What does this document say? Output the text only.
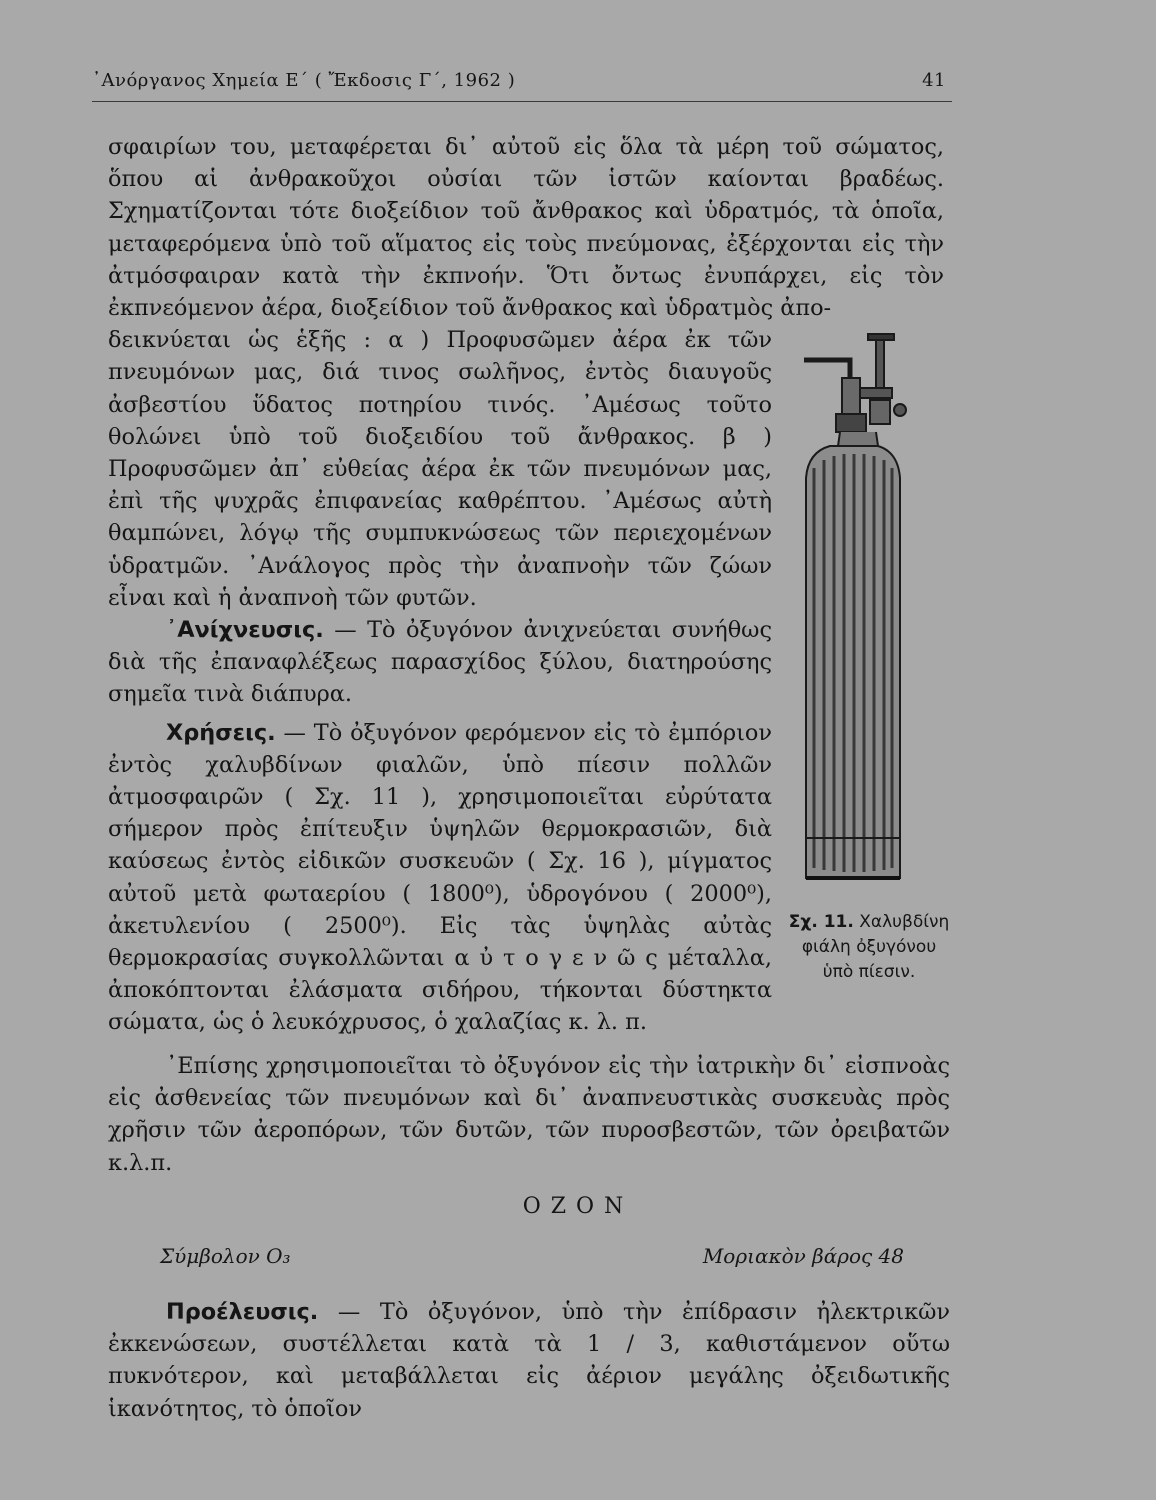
᾿Ανόργανος Χημεία Ε΄ ( Ἔκδοσις Γ΄, 1962 )	41

σφαιρίων του, μεταφέρεται δι᾿ αὐτοῦ εἰς ὅλα τὰ μέρη τοῦ σώματος, ὅπου αἱ ἀνθρακοῦχοι οὐσίαι τῶν ἱστῶν καίονται βραδέως. Σχηματίζονται τότε διοξείδιον τοῦ ἄνθρακος καὶ ὑδρατμός, τὰ ὁποῖα, μεταφερόμενα ὑπὸ τοῦ αἵματος εἰς τοὺς πνεύμονας, ἐξέρχονται εἰς τὴν ἀτμόσφαιραν κατὰ τὴν ἐκπνοήν. Ὅτι ὄντως ἐνυπάρχει, εἰς τὸν ἐκπνεόμενον ἀέρα, διοξείδιον τοῦ ἄνθρακος καὶ ὑδρατμὸς ἀπο-

δεικνύεται ὡς ἑξῆς : α ) Προφυσῶμεν ἀέρα ἐκ τῶν πνευμόνων μας, διά τινος σωλῆνος, ἐντὸς διαυγοῦς ἀσβεστίου ὕδατος ποτηρίου τινός. ᾿Αμέσως τοῦτο θολώνει ὑπὸ τοῦ διοξειδίου τοῦ ἄνθρακος. β ) Προφυσῶμεν ἀπ᾿ εὐθείας ἀέρα ἐκ τῶν πνευμόνων μας, ἐπὶ τῆς ψυχρᾶς ἐπιφανείας καθρέπτου. ᾿Αμέσως αὐτὴ θαμπώνει, λόγῳ τῆς συμπυκνώσεως τῶν περιεχομένων ὑδρατμῶν. ᾿Ανάλογος πρὸς τὴν ἀναπνοὴν τῶν ζώων εἶναι καὶ ἡ ἀναπνοὴ τῶν φυτῶν.

᾿Ανίχνευσις. — Τὸ ὀξυγόνον ἀνιχνεύεται συνήθως διὰ τῆς ἐπαναφλέξεως παρασχίδος ξύλου, διατηρούσης σημεῖα τινὰ διάπυρα.

Χρήσεις. — Τὸ ὀξυγόνον φερόμενον εἰς τὸ ἐμπόριον ἐντὸς χαλυβδίνων φιαλῶν, ὑπὸ πίεσιν πολλῶν ἀτμοσφαιρῶν ( Σχ. 11 ), χρησιμοποιεῖται εὐρύτατα σήμερον πρὸς ἐπίτευξιν ὑψηλῶν θερμοκρασιῶν, διὰ καύσεως ἐντὸς εἰδικῶν συσκευῶν ( Σχ. 16 ), μίγματος αὐτοῦ μετὰ φωταερίου ( 1800⁰), ὑδρογόνου ( 2000⁰), ἀκετυλενίου ( 2500⁰). Εἰς τὰς ὑψηλὰς αὐτὰς θερμοκρασίας συγκολλῶνται α ὐ τ ο γ ε ν ῶ ς μέταλλα, ἀποκόπτονται ἐλάσματα σιδήρου, τήκονται δύστηκτα σώματα, ὡς ὁ λευκόχρυσος, ὁ χαλαζίας κ. λ. π.

Σχ. 11. Χαλυβδίνη φιάλη ὀξυγόνου ὑπὸ πίεσιν.

᾿Επίσης χρησιμοποιεῖται τὸ ὀξυγόνον εἰς τὴν ἰατρικὴν δι᾿ εἰσπνοὰς εἰς ἀσθενείας τῶν πνευμόνων καὶ δι᾿ ἀναπνευστικὰς συσκευὰς πρὸς χρῆσιν τῶν ἀεροπόρων, τῶν δυτῶν, τῶν πυροσβεστῶν, τῶν ὀρειβατῶν κ.λ.π.

ΟΖΟΝ
Σύμβολον O₃	Μοριακὸν βάρος 48

Προέλευσις. — Τὸ ὀξυγόνον, ὑπὸ τὴν ἐπίδρασιν ἠλεκτρικῶν ἐκκενώσεων, συστέλλεται κατὰ τὰ 1 / 3, καθιστάμενον οὕτω πυκνότερον, καὶ μεταβάλλεται εἰς ἀέριον μεγάλης ὀξειδωτικῆς ἱκανότητος, τὸ ὁποῖον
